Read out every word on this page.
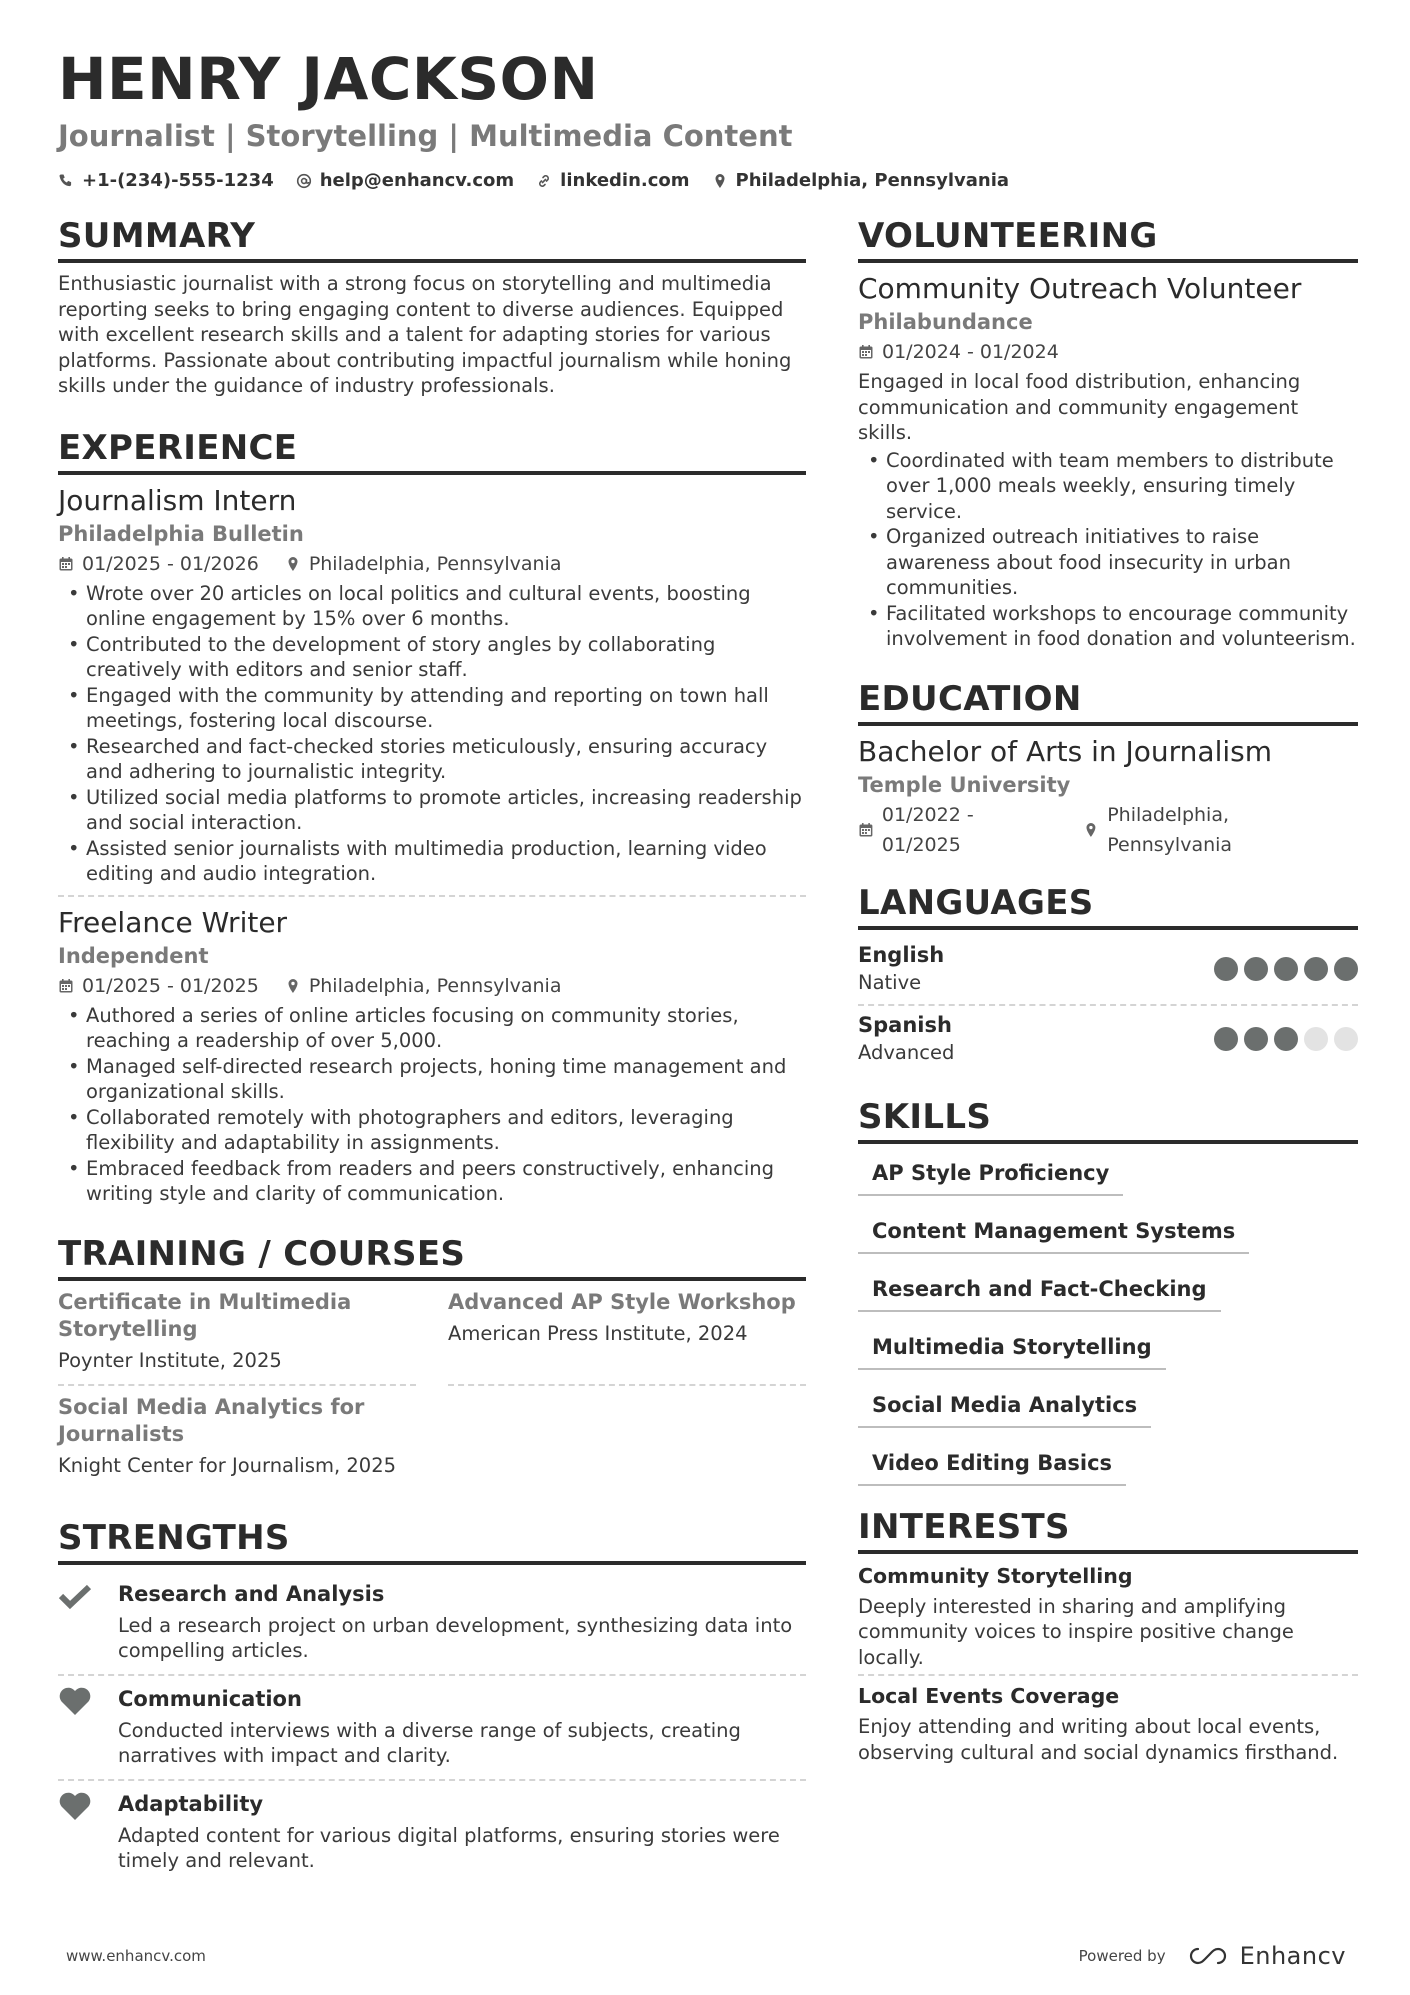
HENRY JACKSON
Journalist | Storytelling | Multimedia Content
+1-(234)-555-1234	help@enhancv.com	linkedin.com	Philadelphia, Pennsylvania
SUMMARY

Enthusiastic journalist with a strong focus on storytelling and multimedia reporting seeks to bring engaging content to diverse audiences. Equipped with excellent research skills and a talent for adapting stories for various platforms. Passionate about contributing impactful journalism while honing skills under the guidance of industry professionals.

EXPERIENCE
Journalism Intern
Philadelphia Bulletin
01/2025 - 01/2026	Philadelphia, Pennsylvania
• Wrote over 20 articles on local politics and cultural events, boosting online engagement by 15% over 6 months.
• Contributed to the development of story angles by collaborating creatively with editors and senior staff.
• Engaged with the community by attending and reporting on town hall meetings, fostering local discourse.
• Researched and fact-checked stories meticulously, ensuring accuracy and adhering to journalistic integrity.
• Utilized social media platforms to promote articles, increasing readership and social interaction.
• Assisted senior journalists with multimedia production, learning video editing and audio integration.
Freelance Writer
Independent
01/2025 - 01/2025	Philadelphia, Pennsylvania
• Authored a series of online articles focusing on community stories, reaching a readership of over 5,000.
• Managed self-directed research projects, honing time management and organizational skills.
• Collaborated remotely with photographers and editors, leveraging flexibility and adaptability in assignments.
• Embraced feedback from readers and peers constructively, enhancing writing style and clarity of communication.
TRAINING / COURSES
Certificate in Multimedia Storytelling
Poynter Institute, 2025
Advanced AP Style Workshop
American Press Institute, 2024
Social Media Analytics for Journalists
Knight Center for Journalism, 2025
STRENGTHS
Research and Analysis
Led a research project on urban development, synthesizing data into compelling articles.
Communication
Conducted interviews with a diverse range of subjects, creating narratives with impact and clarity.
Adaptability
Adapted content for various digital platforms, ensuring stories were timely and relevant.
VOLUNTEERING
Community Outreach Volunteer
Philabundance
01/2024 - 01/2024

Engaged in local food distribution, enhancing communication and community engagement skills.

• Coordinated with team members to distribute over 1,000 meals weekly, ensuring timely service.
• Organized outreach initiatives to raise awareness about food insecurity in urban communities.
• Facilitated workshops to encourage community involvement in food donation and volunteerism.
EDUCATION
Bachelor of Arts in Journalism
Temple University
01/2022 - 01/2025
Philadelphia, Pennsylvania
LANGUAGES
English
Native
Spanish
Advanced
SKILLS
AP Style Proficiency
Content Management Systems
Research and Fact-Checking
Multimedia Storytelling
Social Media Analytics
Video Editing Basics
INTERESTS
Community Storytelling
Deeply interested in sharing and amplifying community voices to inspire positive change locally.
Local Events Coverage
Enjoy attending and writing about local events, observing cultural and social dynamics firsthand.
www.enhancv.com	Powered by	Enhancv
